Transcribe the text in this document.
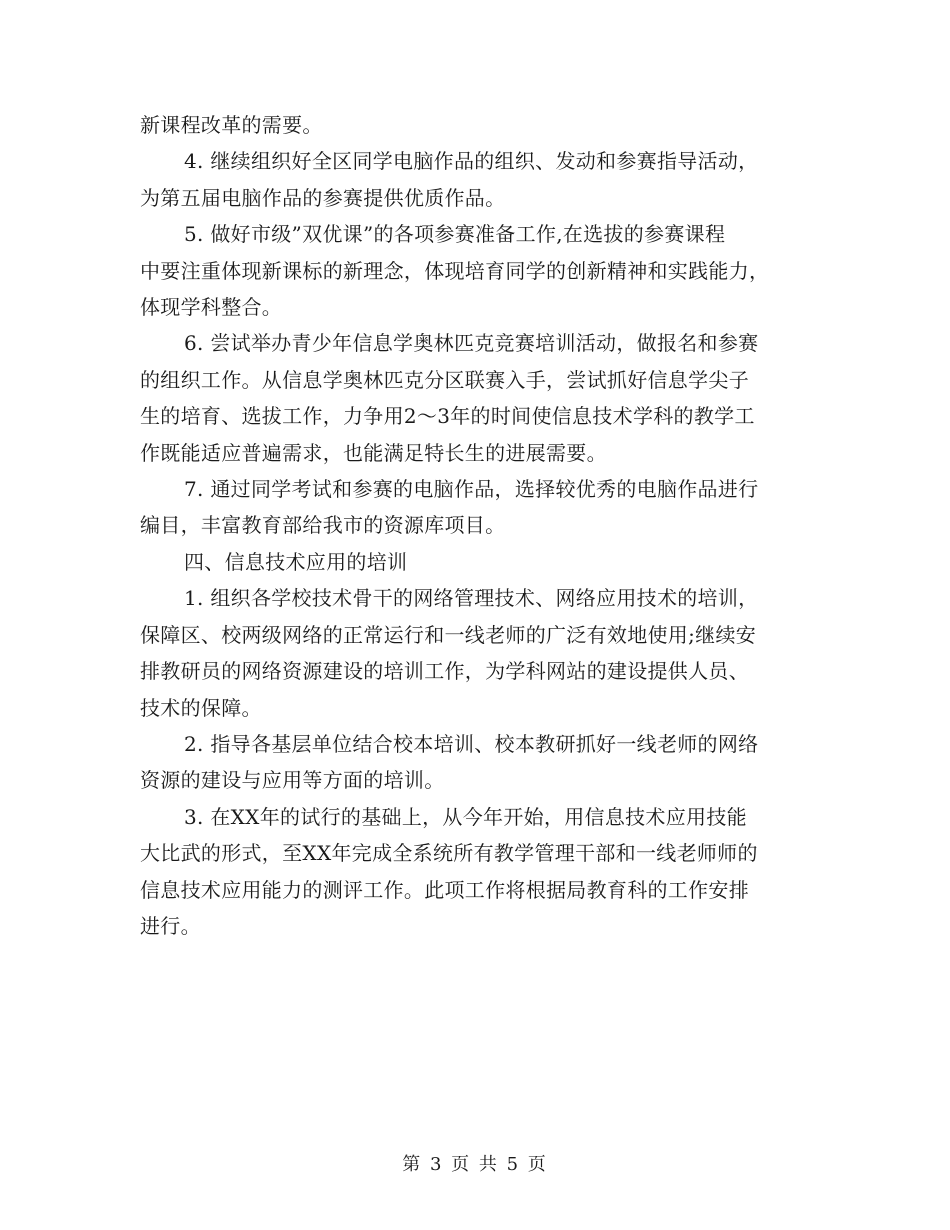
新课程改革的需要。

4. 继续组织好全区同学电脑作品的组织、发动和参赛指导活动，
为第五届电脑作品的参赛提供优质作品。

5. 做好市级”双优课”的各项参赛准备工作,在选拔的参赛课程
中要注重体现新课标的新理念，体现培育同学的创新精神和实践能力，
体现学科整合。

6. 尝试举办青少年信息学奥林匹克竞赛培训活动，做报名和参赛
的组织工作。从信息学奥林匹克分区联赛入手，尝试抓好信息学尖子
生的培育、选拔工作，力争用2～3年的时间使信息技术学科的教学工
作既能适应普遍需求，也能满足特长生的进展需要。

7. 通过同学考试和参赛的电脑作品，选择较优秀的电脑作品进行
编目，丰富教育部给我市的资源库项目。

四、信息技术应用的培训

1. 组织各学校技术骨干的网络管理技术、网络应用技术的培训，
保障区、校两级网络的正常运行和一线老师的广泛有效地使用;继续安
排教研员的网络资源建设的培训工作，为学科网站的建设提供人员、
技术的保障。

2. 指导各基层单位结合校本培训、校本教研抓好一线老师的网络
资源的建设与应用等方面的培训。

3. 在XX年的试行的基础上，从今年开始，用信息技术应用技能
大比武的形式，至XX年完成全系统所有教学管理干部和一线老师师的
信息技术应用能力的测评工作。此项工作将根据局教育科的工作安排
进行。

第 3 页 共 5 页
